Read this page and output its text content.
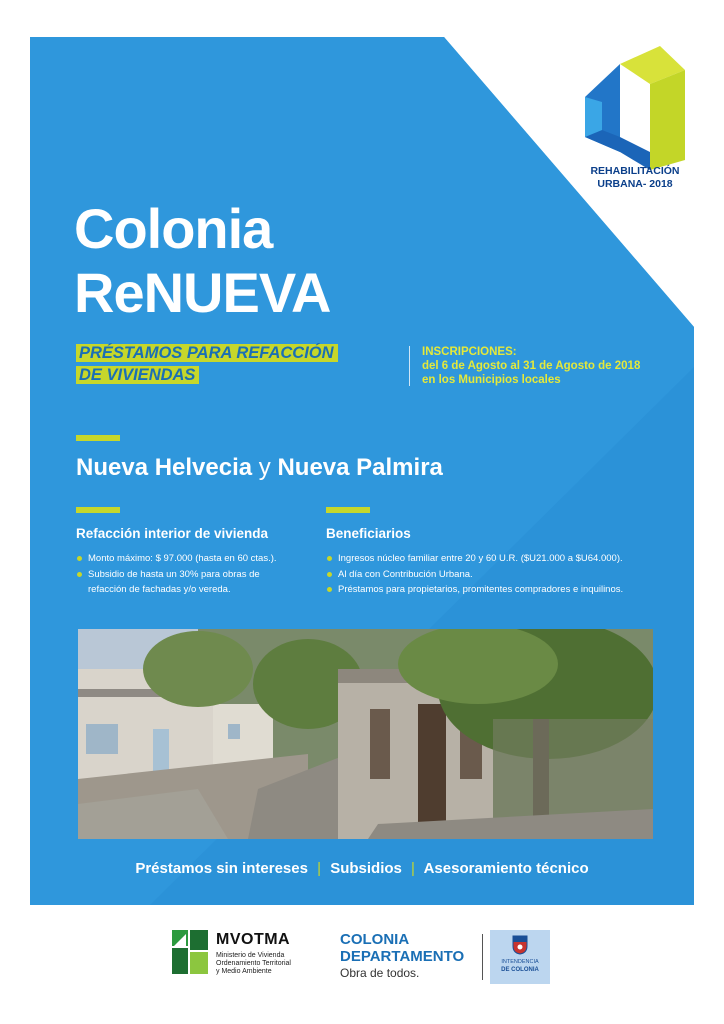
REHABILITACIÓN
URBANA- 2018
Colonia
ReNUEVA
PRÉSTAMOS PARA REFACCIÓN
DE VIVIENDAS
INSCRIPCIONES:
del 6 de Agosto al 31 de Agosto de 2018
en los Municipios locales
Nueva Helvecia y Nueva Palmira
Refacción interior de vivienda
Monto máximo: $ 97.000 (hasta en 60 ctas.).
Subsidio de hasta un 30% para obras de
refacción de fachadas y/o vereda.
Beneficiarios
Ingresos núcleo familiar entre 20 y 60 U.R. ($U21.000 a $U64.000).
Al día con Contribución Urbana.
Préstamos para propietarios, promitentes compradores e inquilinos.
Préstamos sin intereses | Subsidios | Asesoramiento técnico
MVOTMA
Ministerio de Vivienda
Ordenamiento Territorial
y Medio Ambiente
COLONIA
DEPARTAMENTO
Obra de todos.
INTENDENCIA
DE COLONIA
